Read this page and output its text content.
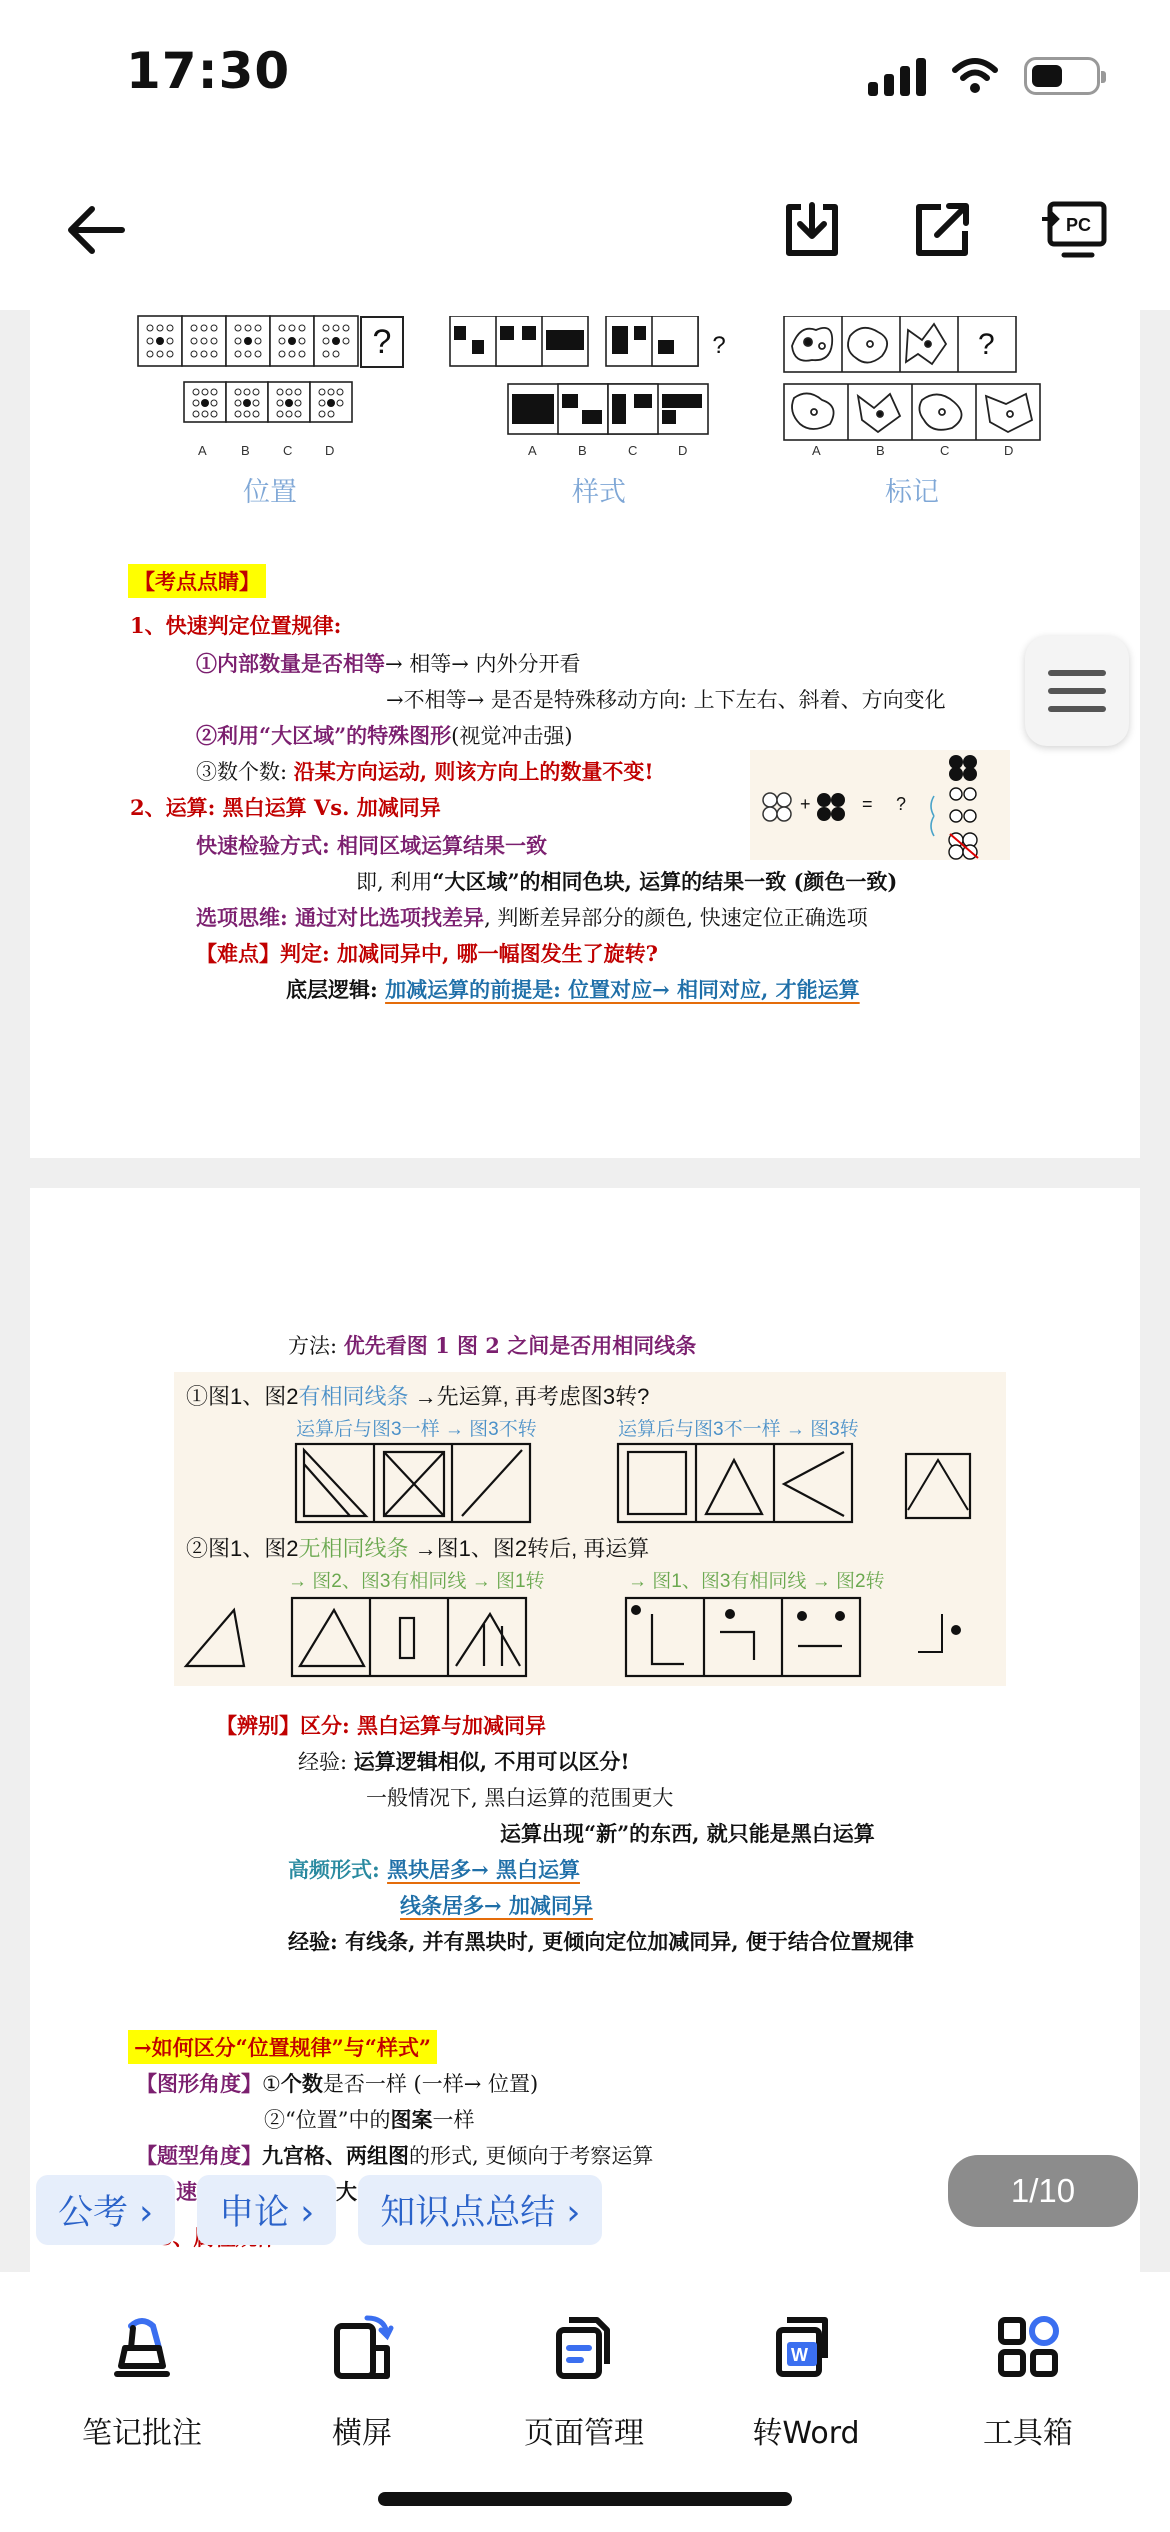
17:30
PC
?
A	B	C	D
位置
?
A	B	C	D
样式
?
A	B	C	D
标记
【考点点睛】
1、快速判定位置规律:
①内部数量是否相等→ 相等→ 内外分开看
→不相等→ 是否是特殊移动方向: 上下左右、斜着、方向变化
②利用“大区域”的特殊图形(视觉冲击强)
③数个数: 沿某方向运动, 则该方向上的数量不变!
2、运算: 黑白运算 Vs. 加减同异
快速检验方式: 相同区域运算结果一致
即, 利用“大区域”的相同色块, 运算的结果一致 (颜色一致)
选项思维: 通过对比选项找差异, 判断差异部分的颜色, 快速定位正确选项
【难点】判定: 加减同异中, 哪一幅图发生了旋转?
底层逻辑: 加减运算的前提是: 位置对应→ 相同对应, 才能运算
+	= ?
方法: 优先看图 1 图 2 之间是否用相同线条
①图1、图2有相同线条 →先运算, 再考虑图3转?
运算后与图3一样 → 图3不转	运算后与图3不一样 → 图3转
②图1、图2无相同线条 →图1、图2转后, 再运算
→ 图2、图3有相同线 → 图1转	→ 图1、图3有相同线 → 图2转
【辨别】区分: 黑白运算与加减同异
经验: 运算逻辑相似, 不用可以区分!
一般情况下, 黑白运算的范围更大
运算出现“新”的东西, 就只能是黑白运算
高频形式: 黑块居多→ 黑白运算
线条居多→ 加减同异
经验: 有线条, 并有黑块时, 更倾向定位加减同异, 便于结合位置规律
→如何区分“位置规律”与“样式”
【图形角度】①个数是否一样 (一样→ 位置)
②“位置”中的图案一样
【题型角度】九宫格、两组图的形式, 更倾向于考察运算
速	大
公考 ›	申论 ›	知识点总结 ›
1/10
笔记批注	横屏	页面管理
W
转Word	工具箱
